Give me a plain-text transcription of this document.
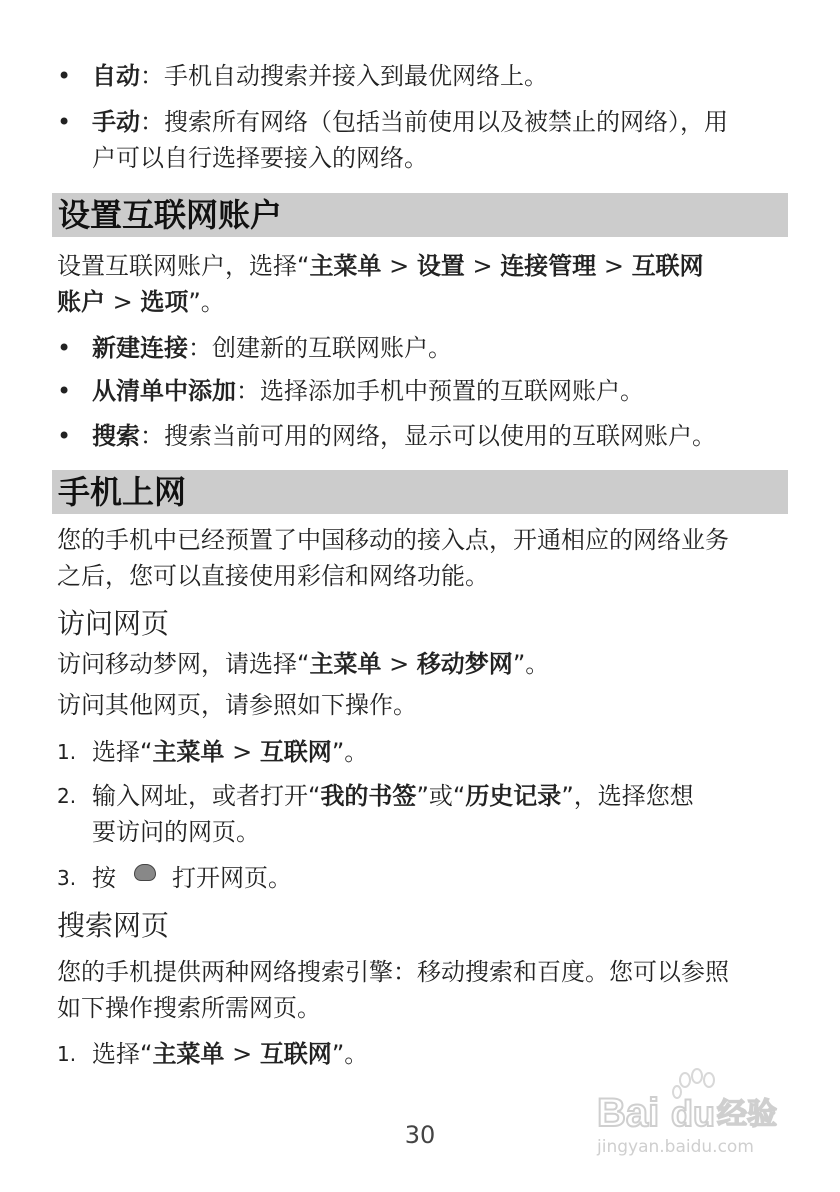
• 自动：手机自动搜索并接入到最优网络上。
• 手动：搜索所有网络（包括当前使用以及被禁止的网络），用
户可以自行选择要接入的网络。
设置互联网账户
设置互联网账户，选择“主菜单 > 设置 > 连接管理 > 互联网
账户 > 选项”。
• 新建连接：创建新的互联网账户。
• 从清单中添加：选择添加手机中预置的互联网账户。
• 搜索：搜索当前可用的网络，显示可以使用的互联网账户。
手机上网
您的手机中已经预置了中国移动的接入点，开通相应的网络业务
之后，您可以直接使用彩信和网络功能。
访问网页
访问移动梦网，请选择“主菜单 > 移动梦网”。
访问其他网页，请参照如下操作。
1. 选择“主菜单 > 互联网”。
2. 输入网址，或者打开“我的书签”或“历史记录”，选择您想
要访问的网页。
3. 按 打开网页。
搜索网页
您的手机提供两种网络搜索引擎：移动搜索和百度。您可以参照
如下操作搜索所需网页。
1. 选择“主菜单 > 互联网”。
30	Bai du 经验
jingyan.baidu.com
